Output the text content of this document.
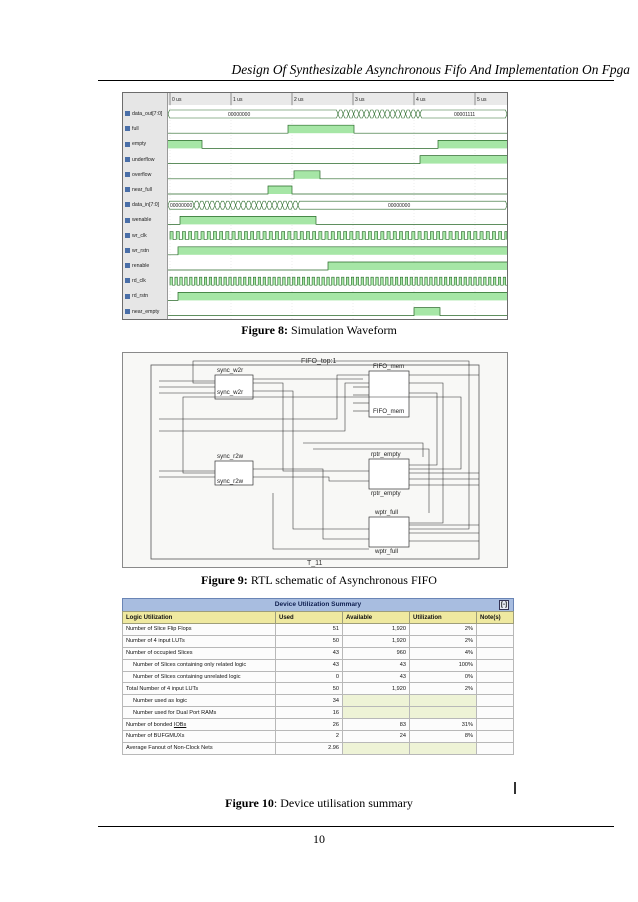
Design Of Synthesizable Asynchronous Fifo And Implementation On Fpga
data_out[7:0]
full
empty
underflow
overflow
near_full
data_in[7:0]
wenable
wr_clk
wr_rstn
renable
rd_clk
rd_rstn
near_empty
0 us	1 us	2 us	3 us	4 us	5 us
00000000	00001111
00000000	00000000
Figure 8: Simulation Waveform
FIFO_top:1
T_11
sync_w2r
sync_w2r
FIFO_mem
FIFO_mem
sync_r2w
sync_r2w
rptr_empty
rptr_empty
wptr_full
wptr_full
Figure 9: RTL schematic of Asynchronous FIFO
Device Utilization Summary	[-]
Logic Utilization	Used	Available	Utilization	Note(s)
Number of Slice Flip Flops	51	1,920	2%	
Number of 4 input LUTs	50	1,920	2%	
Number of occupied Slices	43	960	4%	
Number of Slices containing only related logic	43	43	100%	
Number of Slices containing unrelated logic	0	43	0%	
Total Number of 4 input LUTs	50	1,920	2%	
Number used as logic	34			
Number used for Dual Port RAMs	16			
Number of bonded IOBs	26	83	31%	
Number of BUFGMUXs	2	24	8%	
Average Fanout of Non-Clock Nets	2.96			
Figure 10: Device utilisation summary
10
